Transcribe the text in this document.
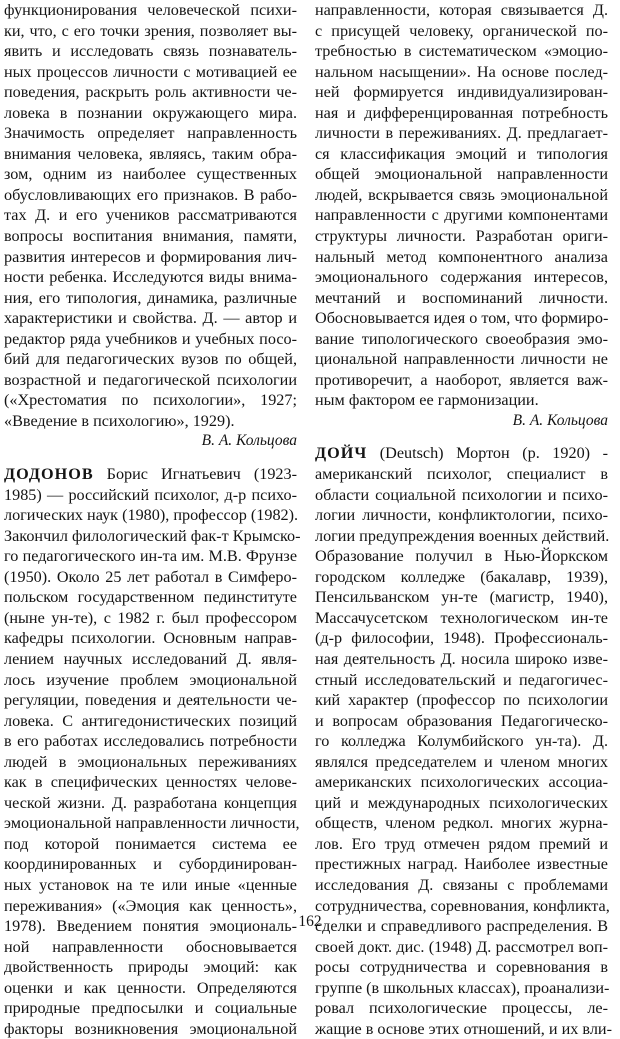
функционирования человеческой психи-
ки, что, с его точки зрения, позволяет вы-
явить и исследовать связь познаватель-
ных процессов личности с мотивацией ее
поведения, раскрыть роль активности че-
ловека в познании окружающего мира.
Значимость определяет направленность
внимания человека, являясь, таким обра-
зом, одним из наиболее существенных
обусловливающих его признаков. В рабо-
тах Д. и его учеников рассматриваются
вопросы воспитания внимания, памяти,
развития интересов и формирования лич-
ности ребенка. Исследуются виды внима-
ния, его типология, динамика, различные
характеристики и свойства. Д. — автор и
редактор ряда учебников и учебных посо-
бий для педагогических вузов по общей,
возрастной и педагогической психологии
(«Хрестоматия по психологии», 1927;
«Введение в психологию», 1929).
В. А. Кольцова
ДОДОНОВ Борис Игнатьевич (1923-
1985) — российский психолог, д-р психо-
логических наук (1980), профессор (1982).
Закончил филологический фак-т Крымско-
го педагогического ин-та им. М.В. Фрунзе
(1950). Около 25 лет работал в Симферо-
польском государственном пединституте
(ныне ун-те), с 1982 г. был профессором
кафедры психологии. Основным направ-
лением научных исследований Д. явля-
лось изучение проблем эмоциональной
регуляции, поведения и деятельности че-
ловека. С антигедонистических позиций
в его работах исследовались потребности
людей в эмоциональных переживаниях
как в специфических ценностях челове-
ческой жизни. Д. разработана концепция
эмоциональной направленности личности,
под которой понимается система ее
координированных и субординирован-
ных установок на те или иные «ценные
переживания» («Эмоция как ценность»,
1978). Введением понятия эмоциональ-
ной направленности обосновывается
двойственность природы эмоций: как
оценки и как ценности. Определяются
природные предпосылки и социальные
факторы возникновения эмоциональной
направленности, которая связывается Д.
с присущей человеку, органической по-
требностью в систематическом «эмоцио-
нальном насыщении». На основе послед-
ней формируется индивидуализирован-
ная и дифференцированная потребность
личности в переживаниях. Д. предлагает-
ся классификация эмоций и типология
общей эмоциональной направленности
людей, вскрывается связь эмоциональной
направленности с другими компонентами
структуры личности. Разработан ориги-
нальный метод компонентного анализа
эмоционального содержания интересов,
мечтаний и воспоминаний личности.
Обосновывается идея о том, что формиро-
вание типологического своеобразия эмо-
циональной направленности личности не
противоречит, а наоборот, является важ-
ным фактором ее гармонизации.
В. А. Кольцова
ДОЙЧ (Deutsch) Мортон (р. 1920) -
американский психолог, специалист в
области социальной психологии и психо-
логии личности, конфликтологии, психо-
логии предупреждения военных действий.
Образование получил в Нью-Йоркском
городском колледже (бакалавр, 1939),
Пенсильванском ун-те (магистр, 1940),
Массачусетском технологическом ин-те
(д-р философии, 1948). Профессиональ-
ная деятельность Д. носила широко изве-
стный исследовательский и педагогичес-
кий характер (профессор по психологии
и вопросам образования Педагогическо-
го колледжа Колумбийского ун-та). Д.
являлся председателем и членом многих
американских психологических ассоциа-
ций и международных психологических
обществ, членом редкол. многих журна-
лов. Его труд отмечен рядом премий и
престижных наград. Наиболее известные
исследования Д. связаны с проблемами
сотрудничества, соревнования, конфликта,
сделки и справедливого распределения. В
своей докт. дис. (1948) Д. рассмотрел воп-
росы сотрудничества и соревнования в
группе (в школьных классах), проанализи-
ровал психологические процессы, ле-
жащие в основе этих отношений, и их вли-
162
